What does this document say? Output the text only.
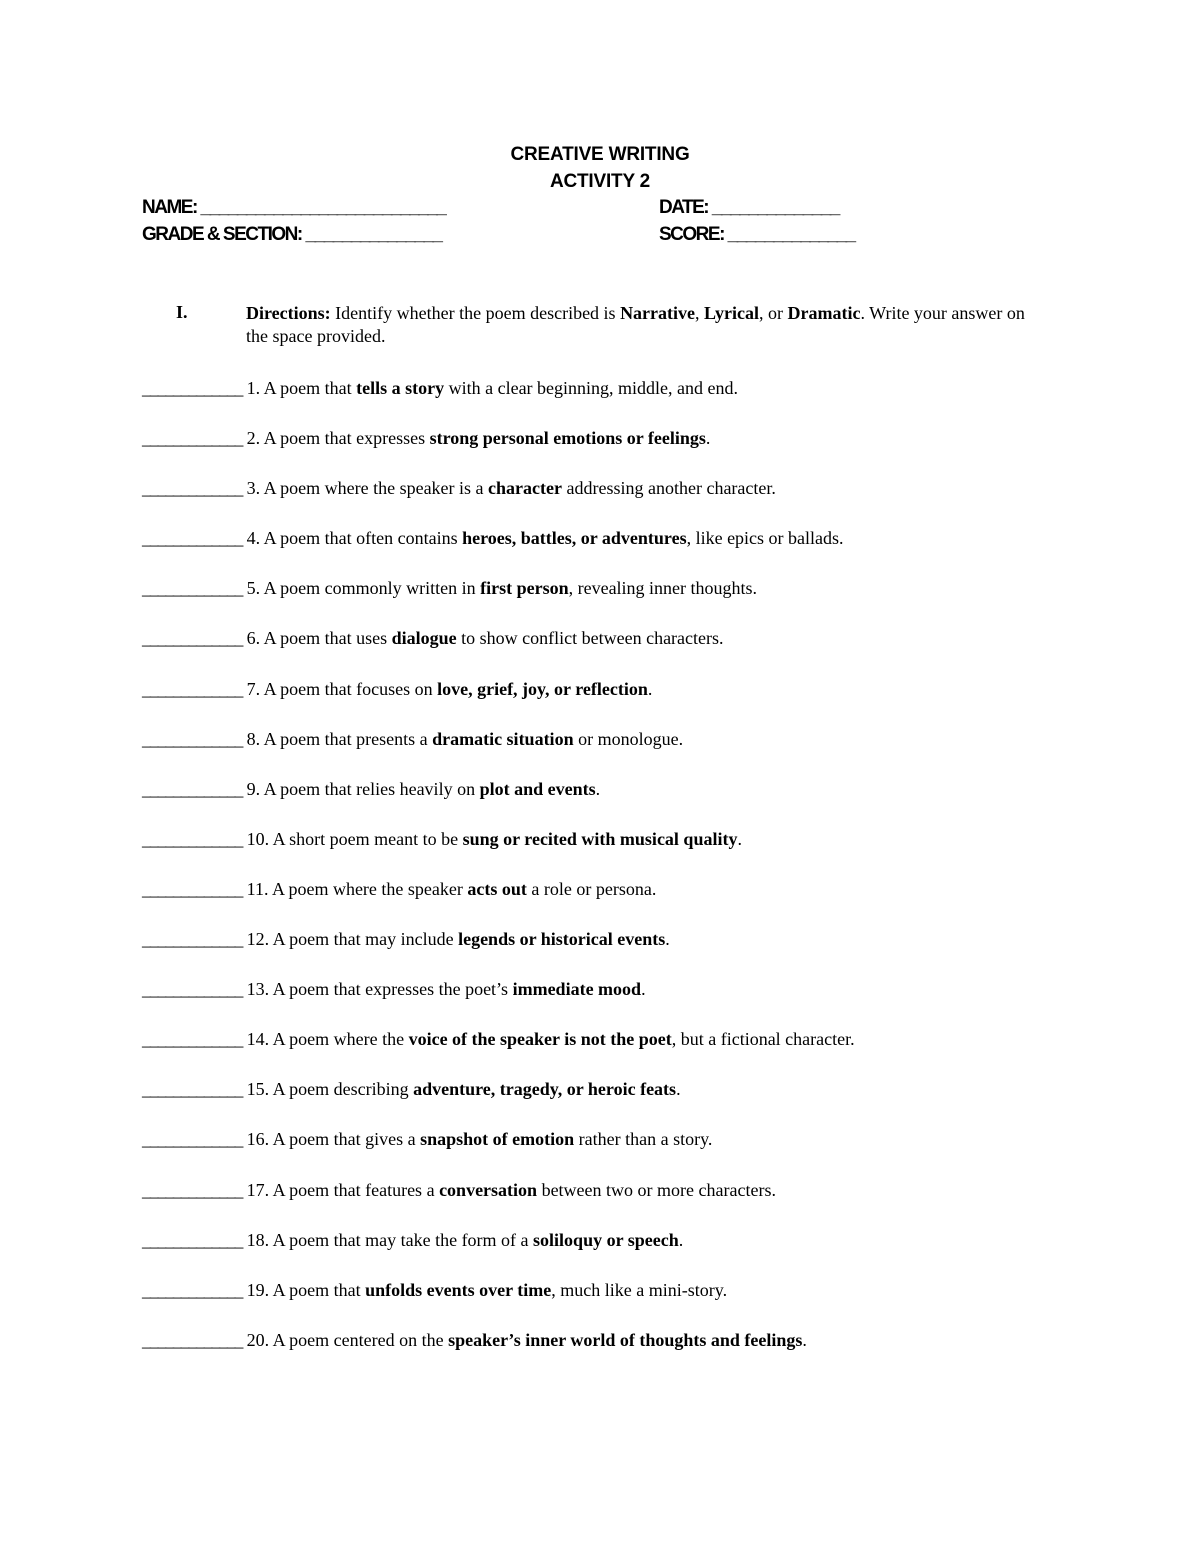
CREATIVE WRITING
ACTIVITY 2
NAME: ___________________________	DATE: ______________
GRADE & SECTION: _______________	SCORE: ______________
I.	Directions: Identify whether the poem described is Narrative, Lyrical, or Dramatic. Write your answer on the space provided.
_____________ 1. A poem that tells a story with a clear beginning, middle, and end.
_____________ 2. A poem that expresses strong personal emotions or feelings.
_____________ 3. A poem where the speaker is a character addressing another character.
_____________ 4. A poem that often contains heroes, battles, or adventures, like epics or ballads.
_____________ 5. A poem commonly written in first person, revealing inner thoughts.
_____________ 6. A poem that uses dialogue to show conflict between characters.
_____________ 7. A poem that focuses on love, grief, joy, or reflection.
_____________ 8. A poem that presents a dramatic situation or monologue.
_____________ 9. A poem that relies heavily on plot and events.
_____________ 10. A short poem meant to be sung or recited with musical quality.
_____________ 11. A poem where the speaker acts out a role or persona.
_____________ 12. A poem that may include legends or historical events.
_____________ 13. A poem that expresses the poet’s immediate mood.
_____________ 14. A poem where the voice of the speaker is not the poet, but a fictional character.
_____________ 15. A poem describing adventure, tragedy, or heroic feats.
_____________ 16. A poem that gives a snapshot of emotion rather than a story.
_____________ 17. A poem that features a conversation between two or more characters.
_____________ 18. A poem that may take the form of a soliloquy or speech.
_____________ 19. A poem that unfolds events over time, much like a mini-story.
_____________ 20. A poem centered on the speaker’s inner world of thoughts and feelings.
